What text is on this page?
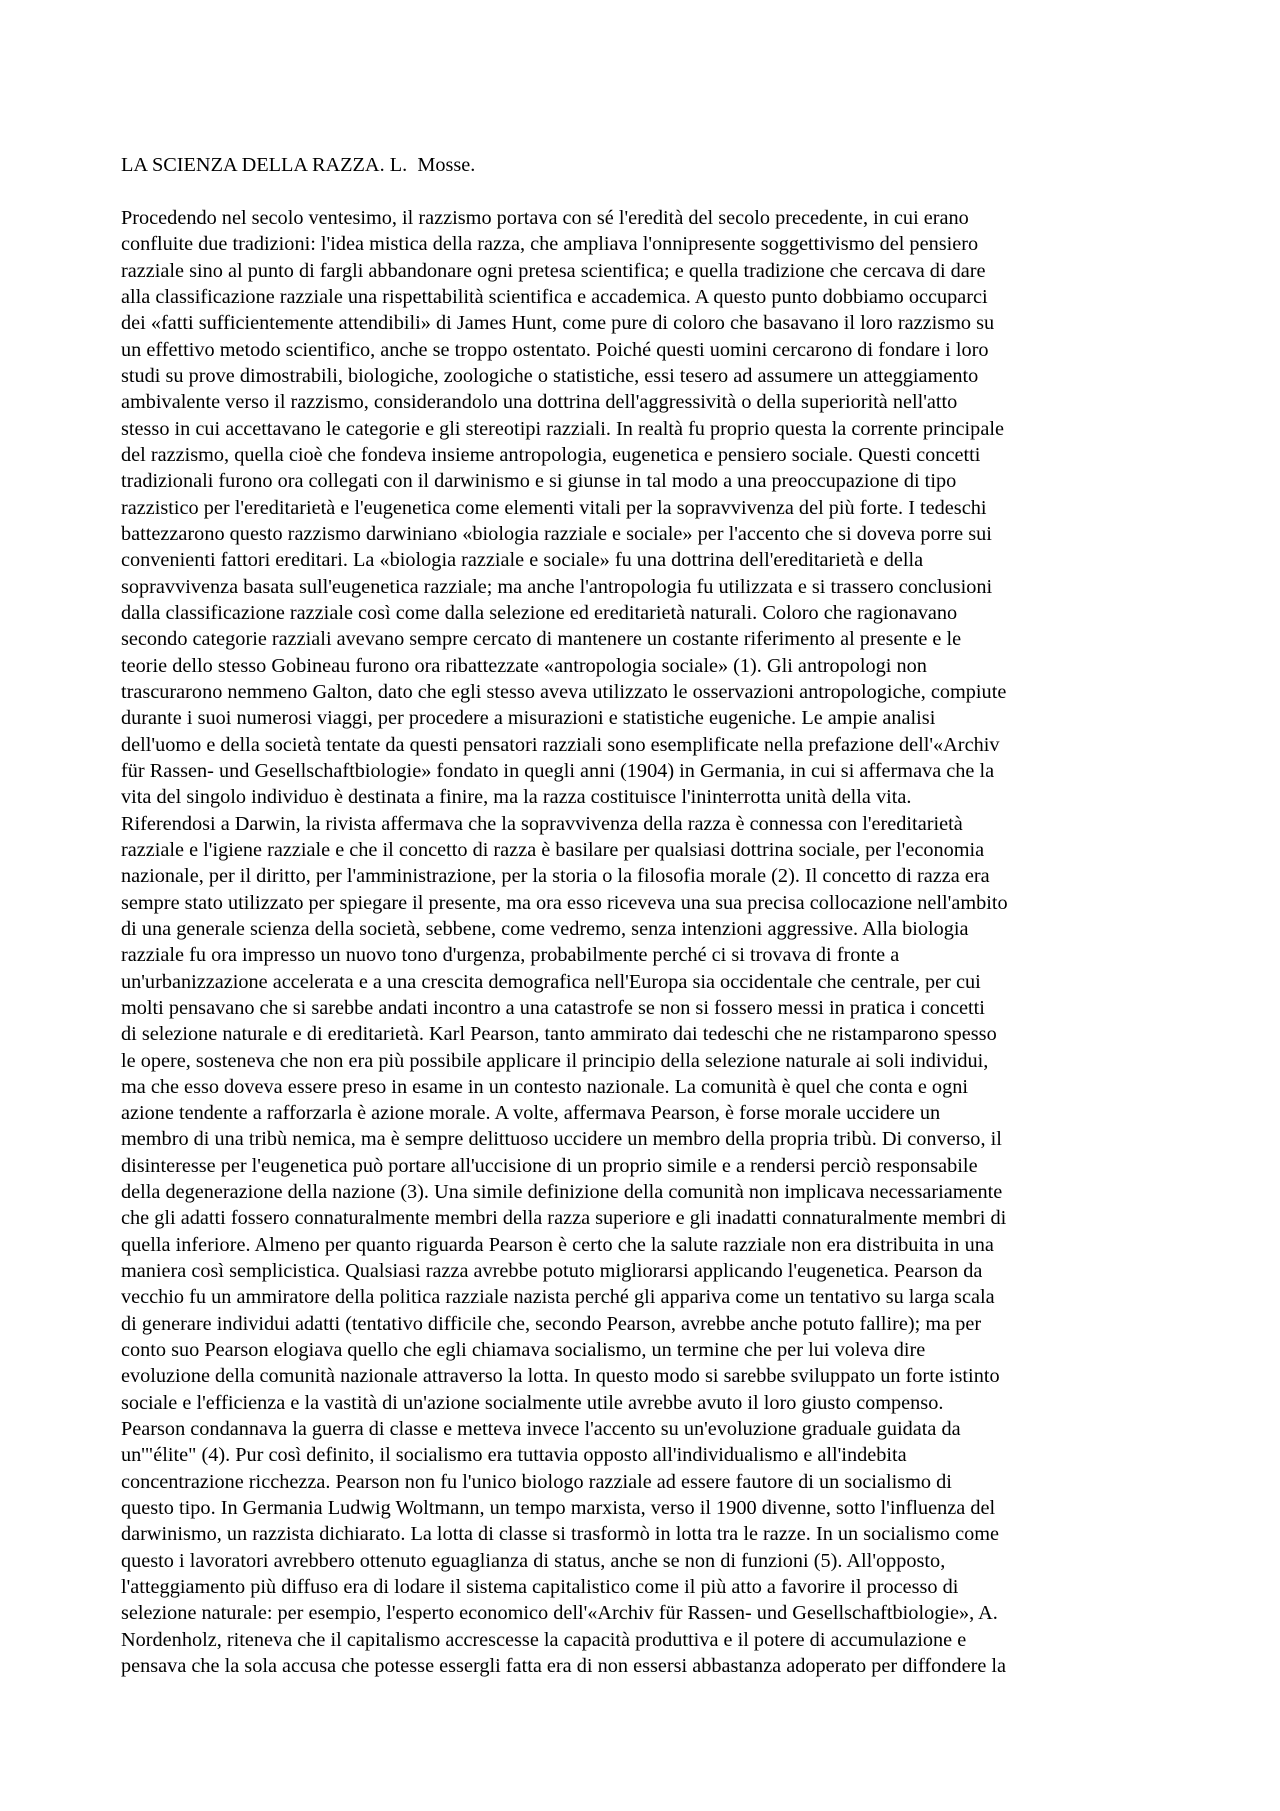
LA SCIENZA DELLA RAZZA. L.  Mosse.
Procedendo nel secolo ventesimo, il razzismo portava con sé l'eredità del secolo precedente, in cui erano
confluite due tradizioni: l'idea mistica della razza, che ampliava l'onnipresente soggettivismo del pensiero
razziale sino al punto di fargli abbandonare ogni pretesa scientifica; e quella tradizione che cercava di dare
alla classificazione razziale una rispettabilità scientifica e accademica. A questo punto dobbiamo occuparci
dei «fatti sufficientemente attendibili» di James Hunt, come pure di coloro che basavano il loro razzismo su
un effettivo metodo scientifico, anche se troppo ostentato. Poiché questi uomini cercarono di fondare i loro
studi su prove dimostrabili, biologiche, zoologiche o statistiche, essi tesero ad assumere un atteggiamento
ambivalente verso il razzismo, considerandolo una dottrina dell'aggressività o della superiorità nell'atto
stesso in cui accettavano le categorie e gli stereotipi razziali. In realtà fu proprio questa la corrente principale
del razzismo, quella cioè che fondeva insieme antropologia, eugenetica e pensiero sociale. Questi concetti
tradizionali furono ora collegati con il darwinismo e si giunse in tal modo a una preoccupazione di tipo
razzistico per l'ereditarietà e l'eugenetica come elementi vitali per la sopravvivenza del più forte. I tedeschi
battezzarono questo razzismo darwiniano «biologia razziale e sociale» per l'accento che si doveva porre sui
convenienti fattori ereditari. La «biologia razziale e sociale» fu una dottrina dell'ereditarietà e della
sopravvivenza basata sull'eugenetica razziale; ma anche l'antropologia fu utilizzata e si trassero conclusioni
dalla classificazione razziale così come dalla selezione ed ereditarietà naturali. Coloro che ragionavano
secondo categorie razziali avevano sempre cercato di mantenere un costante riferimento al presente e le
teorie dello stesso Gobineau furono ora ribattezzate «antropologia sociale» (1). Gli antropologi non
trascurarono nemmeno Galton, dato che egli stesso aveva utilizzato le osservazioni antropologiche, compiute
durante i suoi numerosi viaggi, per procedere a misurazioni e statistiche eugeniche. Le ampie analisi
dell'uomo e della società tentate da questi pensatori razziali sono esemplificate nella prefazione dell'«Archiv
für Rassen- und Gesellschaftbiologie» fondato in quegli anni (1904) in Germania, in cui si affermava che la
vita del singolo individuo è destinata a finire, ma la razza costituisce l'ininterrotta unità della vita.
Riferendosi a Darwin, la rivista affermava che la sopravvivenza della razza è connessa con l'ereditarietà
razziale e l'igiene razziale e che il concetto di razza è basilare per qualsiasi dottrina sociale, per l'economia
nazionale, per il diritto, per l'amministrazione, per la storia o la filosofia morale (2). Il concetto di razza era
sempre stato utilizzato per spiegare il presente, ma ora esso riceveva una sua precisa collocazione nell'ambito
di una generale scienza della società, sebbene, come vedremo, senza intenzioni aggressive. Alla biologia
razziale fu ora impresso un nuovo tono d'urgenza, probabilmente perché ci si trovava di fronte a
un'urbanizzazione accelerata e a una crescita demografica nell'Europa sia occidentale che centrale, per cui
molti pensavano che si sarebbe andati incontro a una catastrofe se non si fossero messi in pratica i concetti
di selezione naturale e di ereditarietà. Karl Pearson, tanto ammirato dai tedeschi che ne ristamparono spesso
le opere, sosteneva che non era più possibile applicare il principio della selezione naturale ai soli individui,
ma che esso doveva essere preso in esame in un contesto nazionale. La comunità è quel che conta e ogni
azione tendente a rafforzarla è azione morale. A volte, affermava Pearson, è forse morale uccidere un
membro di una tribù nemica, ma è sempre delittuoso uccidere un membro della propria tribù. Di converso, il
disinteresse per l'eugenetica può portare all'uccisione di un proprio simile e a rendersi perciò responsabile
della degenerazione della nazione (3). Una simile definizione della comunità non implicava necessariamente
che gli adatti fossero connaturalmente membri della razza superiore e gli inadatti connaturalmente membri di
quella inferiore. Almeno per quanto riguarda Pearson è certo che la salute razziale non era distribuita in una
maniera così semplicistica. Qualsiasi razza avrebbe potuto migliorarsi applicando l'eugenetica. Pearson da
vecchio fu un ammiratore della politica razziale nazista perché gli appariva come un tentativo su larga scala
di generare individui adatti (tentativo difficile che, secondo Pearson, avrebbe anche potuto fallire); ma per
conto suo Pearson elogiava quello che egli chiamava socialismo, un termine che per lui voleva dire
evoluzione della comunità nazionale attraverso la lotta. In questo modo si sarebbe sviluppato un forte istinto
sociale e l'efficienza e la vastità di un'azione socialmente utile avrebbe avuto il loro giusto compenso.
Pearson condannava la guerra di classe e metteva invece l'accento su un'evoluzione graduale guidata da
un'"élite" (4). Pur così definito, il socialismo era tuttavia opposto all'individualismo e all'indebita
concentrazione ricchezza. Pearson non fu l'unico biologo razziale ad essere fautore di un socialismo di
questo tipo. In Germania Ludwig Woltmann, un tempo marxista, verso il 1900 divenne, sotto l'influenza del
darwinismo, un razzista dichiarato. La lotta di classe si trasformò in lotta tra le razze. In un socialismo come
questo i lavoratori avrebbero ottenuto eguaglianza di status, anche se non di funzioni (5). All'opposto,
l'atteggiamento più diffuso era di lodare il sistema capitalistico come il più atto a favorire il processo di
selezione naturale: per esempio, l'esperto economico dell'«Archiv für Rassen- und Gesellschaftbiologie», A.
Nordenholz, riteneva che il capitalismo accrescesse la capacità produttiva e il potere di accumulazione e
pensava che la sola accusa che potesse essergli fatta era di non essersi abbastanza adoperato per diffondere la
